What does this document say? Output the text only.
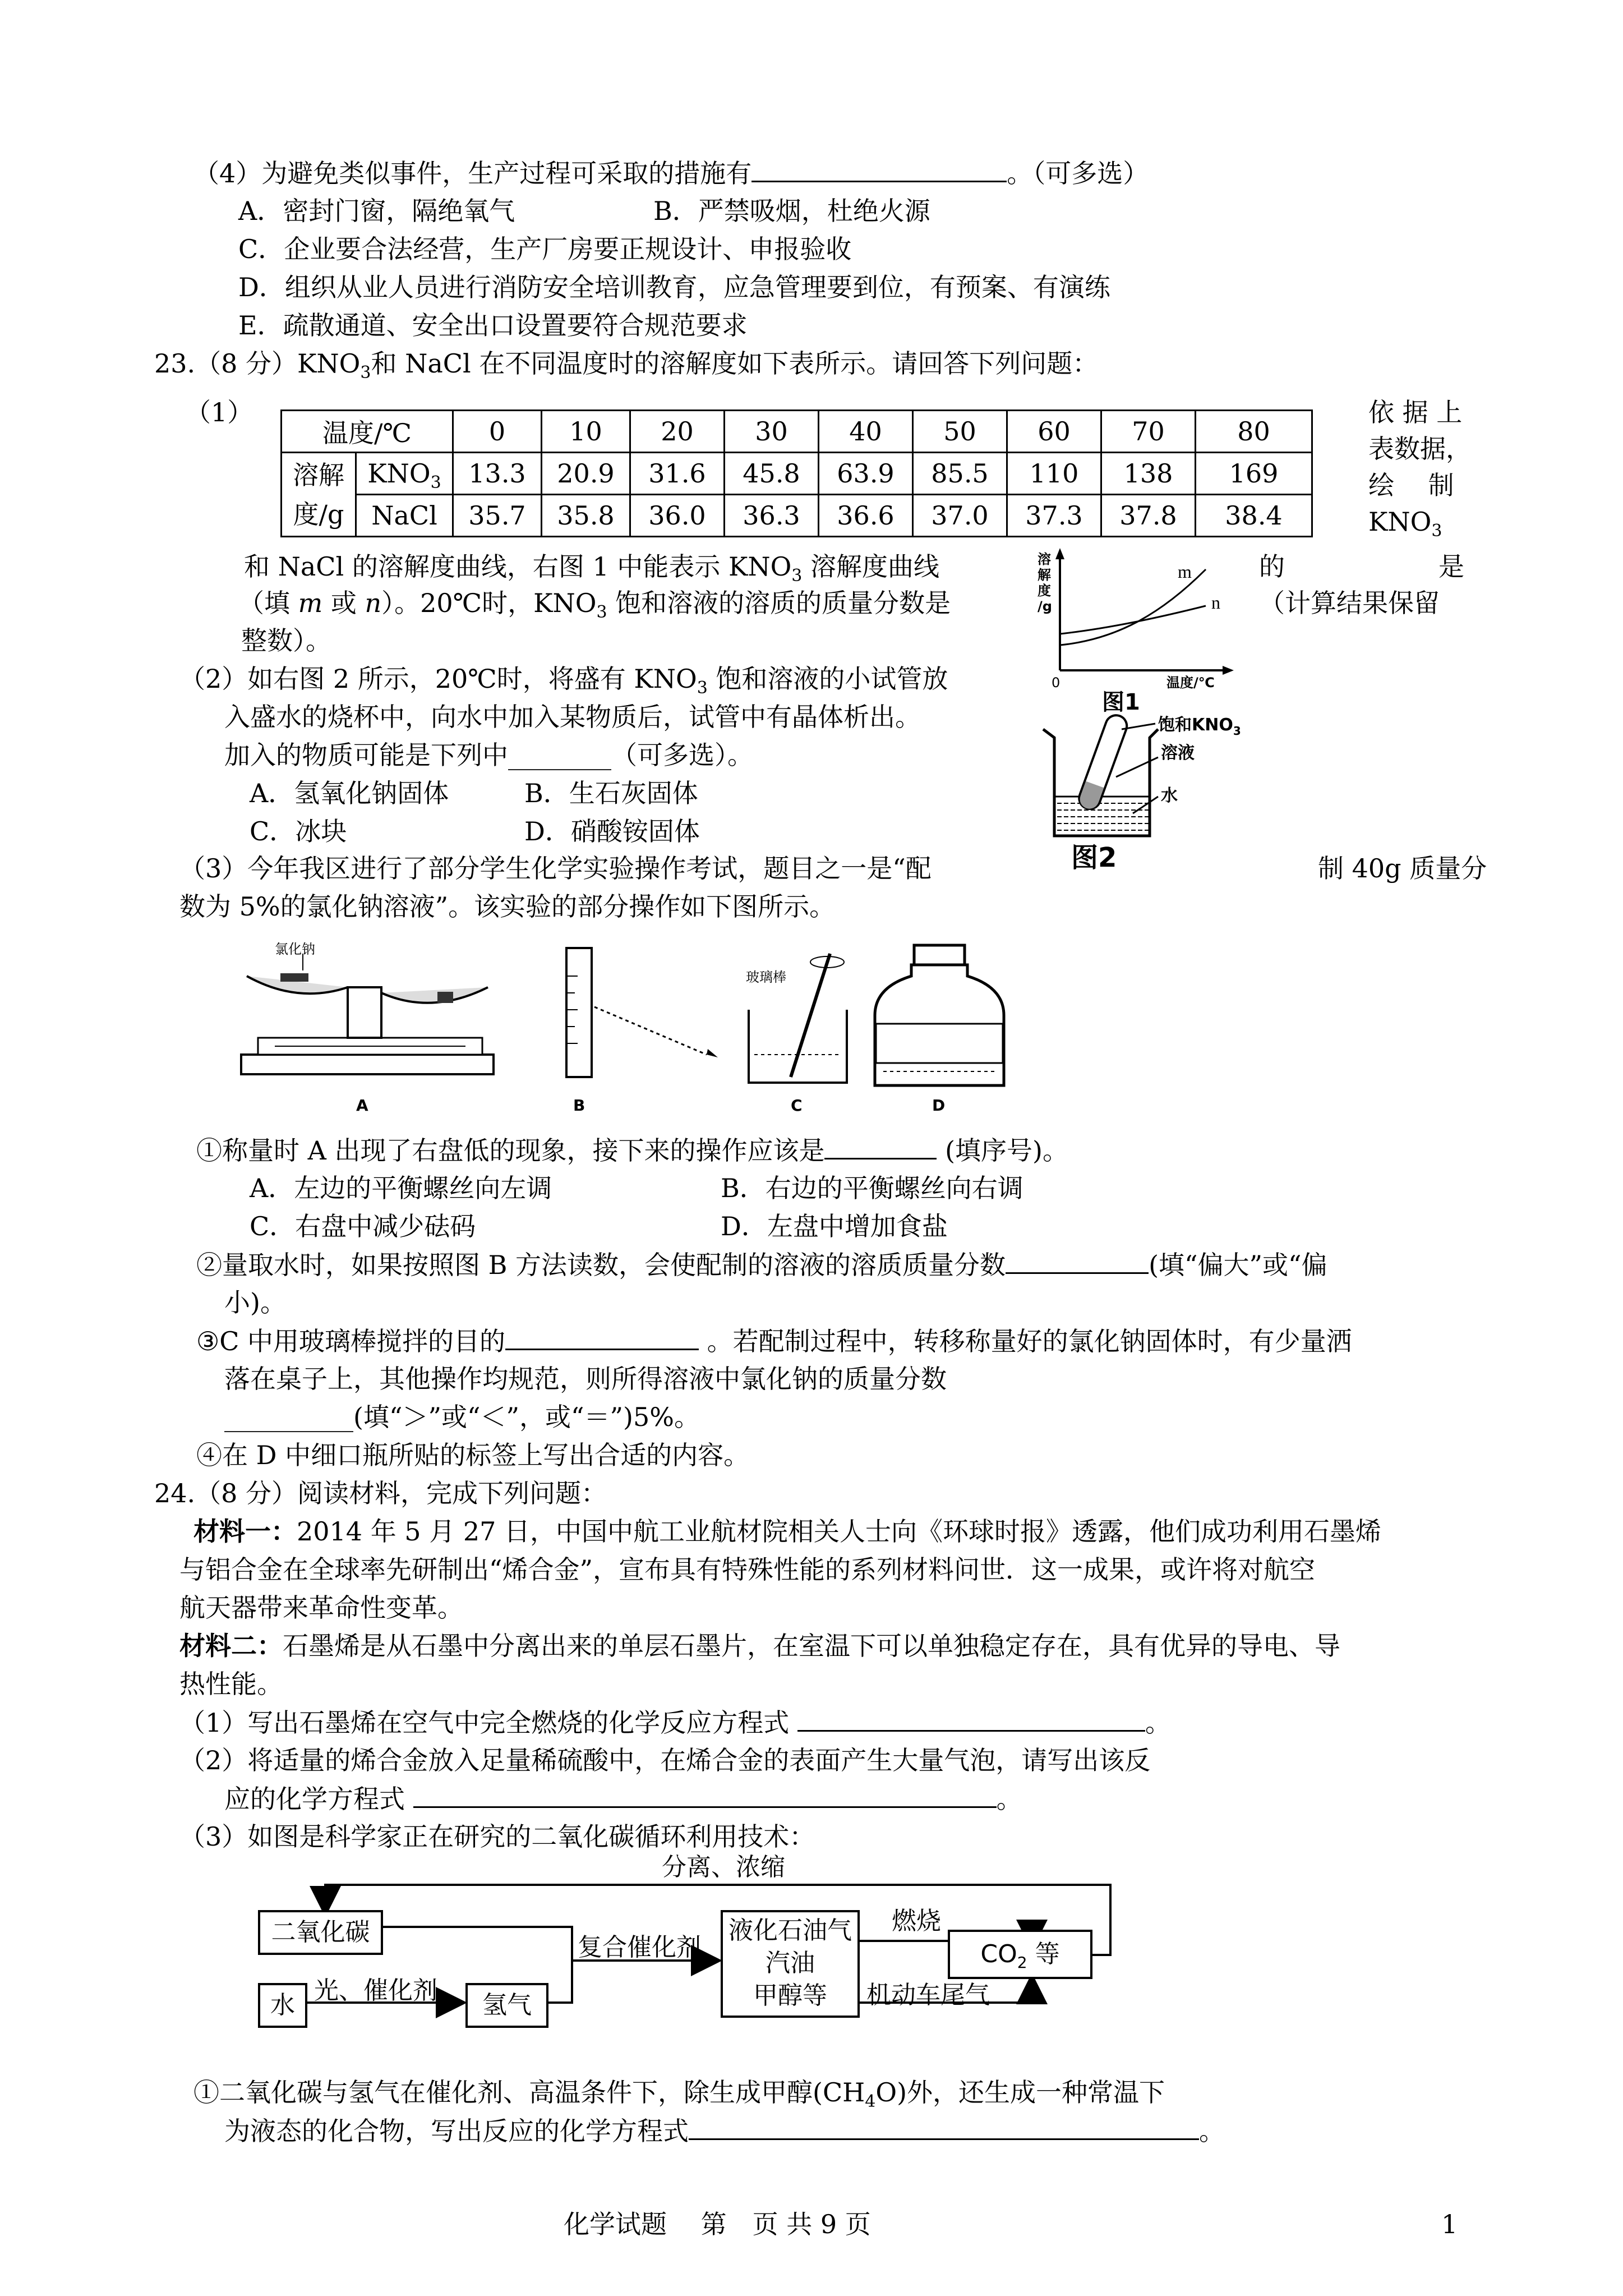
（4）为避免类似事件，生产过程可采取的措施有	。（可多选）
A．密封门窗，隔绝氧气	B．严禁吸烟，杜绝火源
C．企业要合法经营，生产厂房要正规设计、申报验收
D．组织从业人员进行消防安全培训教育，应急管理要到位，有预案、有演练
E．疏散通道、安全出口设置要符合规范要求
23.（8 分）$KNO_3$和 NaCl 在不同温度时的溶解度如下表所示。请回答下列问题：
（1）
温度/℃		0	10	20	30	40	50	60	70	80

溶解
度/g	$KNO_3$	13.3	20.9	31.6	45.8	63.9	85.5	110	138	169
	NaCl	35.7	35.8	36.0	36.3	36.6	37.0	37.3	37.8	38.4
依 据 上
表数据，
绘　 制
$KNO_3$
和 NaCl 的溶解度曲线，右图 1 中能表示 $KNO_3$ 溶解度曲线	的	是
（填 m 或 n）。20℃时，$KNO_3$ 饱和溶液的溶质的质量分数是	（计算结果保留
整数）。
m
n
溶
解
度
/g
0	温度/℃
图1
（2）如右图 2 所示，20℃时，将盛有 $KNO_3$ 饱和溶液的小试管放
入盛水的烧杯中，向水中加入某物质后，试管中有晶体析出。
加入的物质可能是下列中________（可多选）。
A．氢氧化钠固体	B．生石灰固体
C．冰块	D．硝酸铵固体
饱和$KNO_3$
溶液
水
图2
（3）今年我区进行了部分学生化学实验操作考试，题目之一是“配	制 40g 质量分
数为 5%的氯化钠溶液”。该实验的部分操作如下图所示。
氯化钠
A	B
玻璃棒
C	D
①称量时 A 出现了右盘低的现象，接下来的操作应该是	(填序号)。
A．左边的平衡螺丝向左调	B．右边的平衡螺丝向右调
C．右盘中减少砝码	D．左盘中增加食盐
②量取水时，如果按照图 B 方法读数，会使配制的溶液的溶质质量分数	(填“偏大”或“偏
小)。
③C 中用玻璃棒搅拌的目的	。若配制过程中，转移称量好的氯化钠固体时，有少量洒
落在桌子上，其他操作均规范，则所得溶液中氯化钠的质量分数
__________(填“＞”或“＜”，或“＝”)5%。
④在 D 中细口瓶所贴的标签上写出合适的内容。
24.（8 分）阅读材料，完成下列问题：
材料一：2014 年 5 月 27 日，中国中航工业航材院相关人士向《环球时报》透露，他们成功利用石墨烯
与铝合金在全球率先研制出“烯合金”，宣布具有特殊性能的系列材料问世．这一成果，或许将对航空
航天器带来革命性变革。
材料二：石墨烯是从石墨中分离出来的单层石墨片，在室温下可以单独稳定存在，具有优异的导电、导
热性能。
（1）写出石墨烯在空气中完全燃烧的化学反应方程式	。
（2）将适量的烯合金放入足量稀硫酸中，在烯合金的表面产生大量气泡，请写出该反
应的化学方程式	。
（3）如图是科学家正在研究的二氧化碳循环利用技术：
分离、浓缩
二氧化碳
水
光、催化剂
氢气
复合催化剂
液化石油气
汽油
甲醇等
燃烧
机动车尾气
$CO_2$ 等
①二氧化碳与氢气在催化剂、高温条件下，除生成甲醇$(CH_4O)$外，还生成一种常温下
为液态的化合物，写出反应的化学方程式	。
化学试题　 第　页 共 9 页	1
